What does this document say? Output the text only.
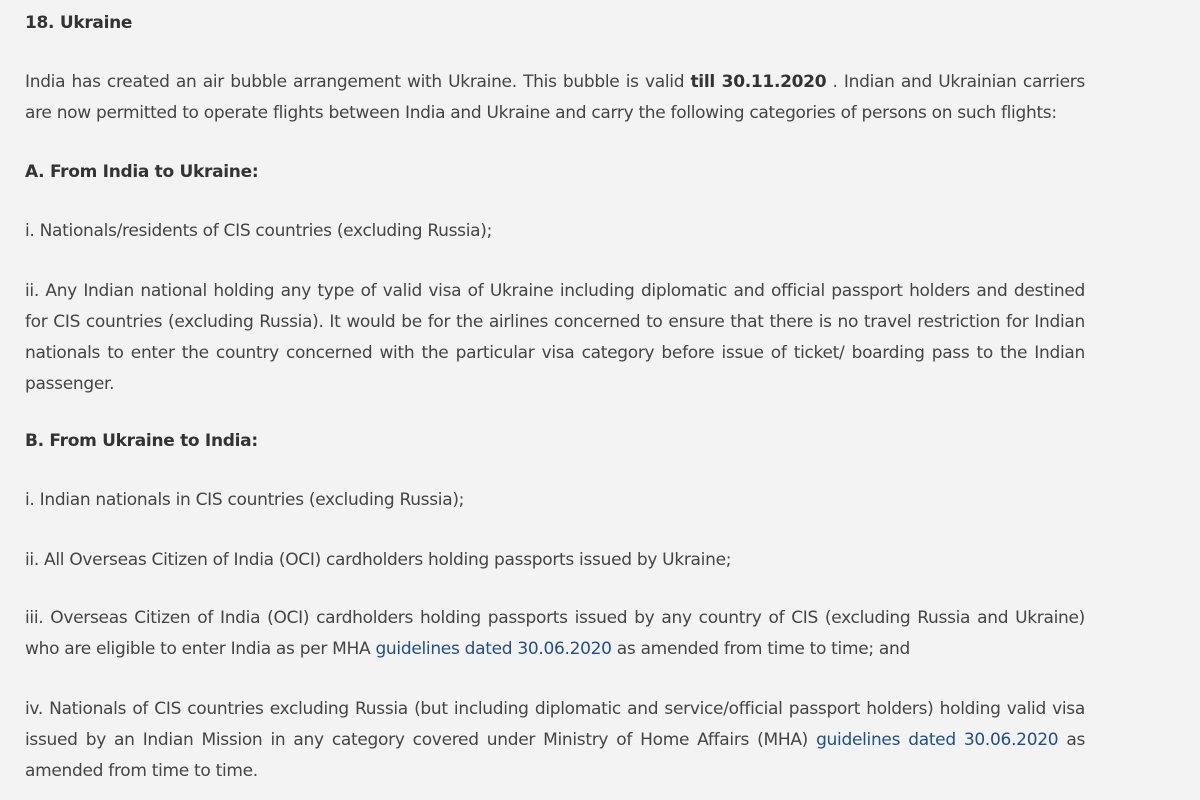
18. Ukraine

India has created an air bubble arrangement with Ukraine. This bubble is valid till 30.11.2020 . Indian and Ukrainian carriers are now permitted to operate flights between India and Ukraine and carry the following categories of persons on such flights:

A. From India to Ukraine:

i. Nationals/residents of CIS countries (excluding Russia);

ii. Any Indian national holding any type of valid visa of Ukraine including diplomatic and official passport holders and destined for CIS countries (excluding Russia). It would be for the airlines concerned to ensure that there is no travel restriction for Indian nationals to enter the country concerned with the particular visa category before issue of ticket/ boarding pass to the Indian passenger.

B. From Ukraine to India:

i. Indian nationals in CIS countries (excluding Russia);

ii. All Overseas Citizen of India (OCI) cardholders holding passports issued by Ukraine;

iii. Overseas Citizen of India (OCI) cardholders holding passports issued by any country of CIS (excluding Russia and Ukraine) who are eligible to enter India as per MHA guidelines dated 30.06.2020 as amended from time to time; and

iv. Nationals of CIS countries excluding Russia (but including diplomatic and service/official passport holders) holding valid visa issued by an Indian Mission in any category covered under Ministry of Home Affairs (MHA) guidelines dated 30.06.2020 as amended from time to time.
